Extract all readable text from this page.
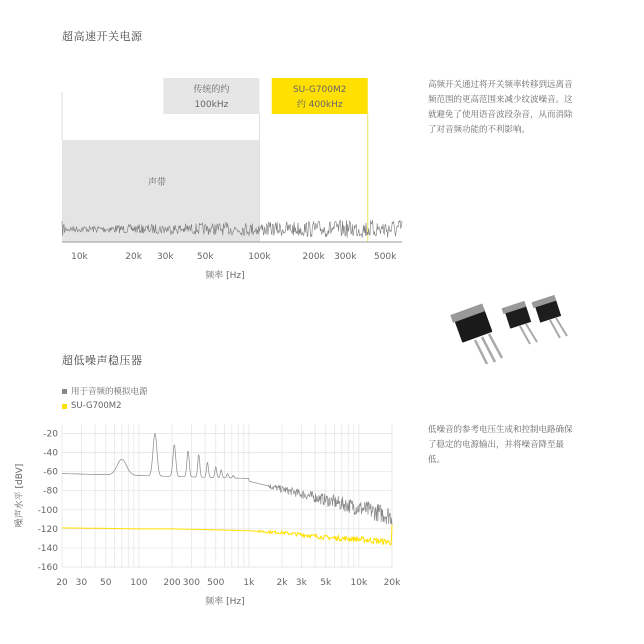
超高速开关电源
传统的约
100kHz
SU-G700M2
约 400kHz
声带
10k	20k 30k	50k	100k	200k 300k 500k
频率 [Hz]
高频开关通过将开关频率转移到远离音频范围的更高范围来减少纹波噪音。这就避免了使用语音波段杂音，从而消除了对音频功能的不利影响。
超低噪声稳压器
用于音频的模拟电源
SU-G700M2
-20
-40
-60
-80
-100
-120
-140
-160
20 30 50 100 200 300 500 1k 2k 3k 5k 10k 20k
频率 [Hz]
噪声水平 [dBV]
低噪音的参考电压生成和控制电路确保了稳定的电源输出，并将噪音降至最低。
